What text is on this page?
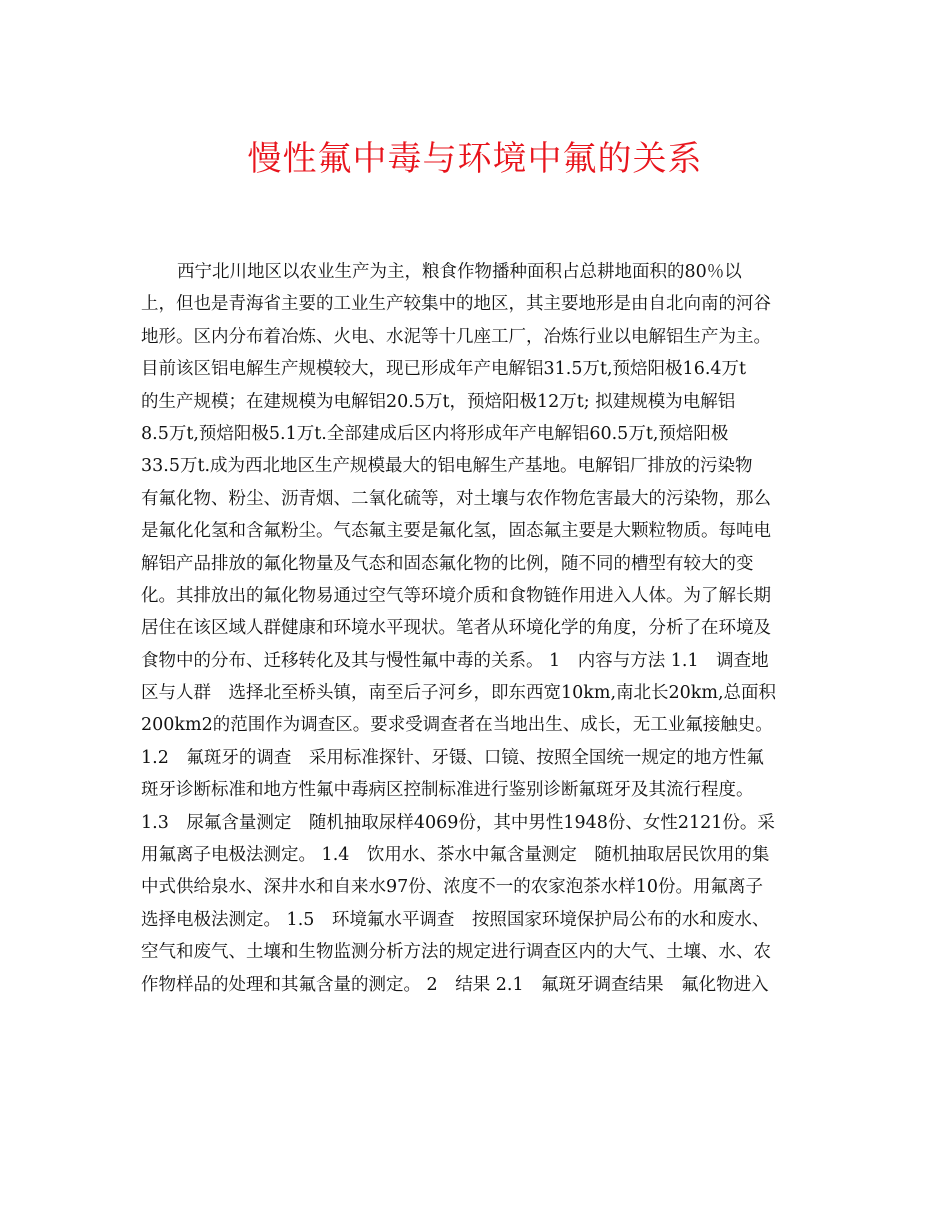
慢性氟中毒与环境中氟的关系
西宁北川地区以农业生产为主，粮食作物播种面积占总耕地面积的80％以
上，但也是青海省主要的工业生产较集中的地区，其主要地形是由自北向南的河谷
地形。区内分布着冶炼、火电、水泥等十几座工厂，冶炼行业以电解铝生产为主。
目前该区铝电解生产规模较大，现已形成年产电解铝31.5万t,预焙阳极16.4万t
的生产规模；在建规模为电解铝20.5万t，预焙阳极12万t; 拟建规模为电解铝
8.5万t,预焙阳极5.1万t.全部建成后区内将形成年产电解铝60.5万t,预焙阳极
33.5万t.成为西北地区生产规模最大的铝电解生产基地。电解铝厂排放的污染物
有氟化物、粉尘、沥青烟、二氧化硫等，对土壤与农作物危害最大的污染物，那么
是氟化化氢和含氟粉尘。气态氟主要是氟化氢，固态氟主要是大颗粒物质。每吨电
解铝产品排放的氟化物量及气态和固态氟化物的比例，随不同的槽型有较大的变
化。其排放出的氟化物易通过空气等环境介质和食物链作用进入人体。为了解长期
居住在该区域人群健康和环境水平现状。笔者从环境化学的角度，分析了在环境及
食物中的分布、迁移转化及其与慢性氟中毒的关系。 1　内容与方法 1.1　调查地
区与人群　选择北至桥头镇，南至后子河乡，即东西宽10km,南北长20km,总面积
200km2的范围作为调查区。要求受调查者在当地出生、成长，无工业氟接触史。
1.2　氟斑牙的调查　采用标准探针、牙镊、口镜、按照全国统一规定的地方性氟
斑牙诊断标准和地方性氟中毒病区控制标准进行鉴别诊断氟斑牙及其流行程度。
1.3　尿氟含量测定　随机抽取尿样4069份，其中男性1948份、女性2121份。采
用氟离子电极法测定。 1.4　饮用水、茶水中氟含量测定　随机抽取居民饮用的集
中式供给泉水、深井水和自来水97份、浓度不一的农家泡茶水样10份。用氟离子
选择电极法测定。 1.5　环境氟水平调查　按照国家环境保护局公布的水和废水、
空气和废气、土壤和生物监测分析方法的规定进行调查区内的大气、土壤、水、农
作物样品的处理和其氟含量的测定。 2　结果 2.1　氟斑牙调查结果　氟化物进入
